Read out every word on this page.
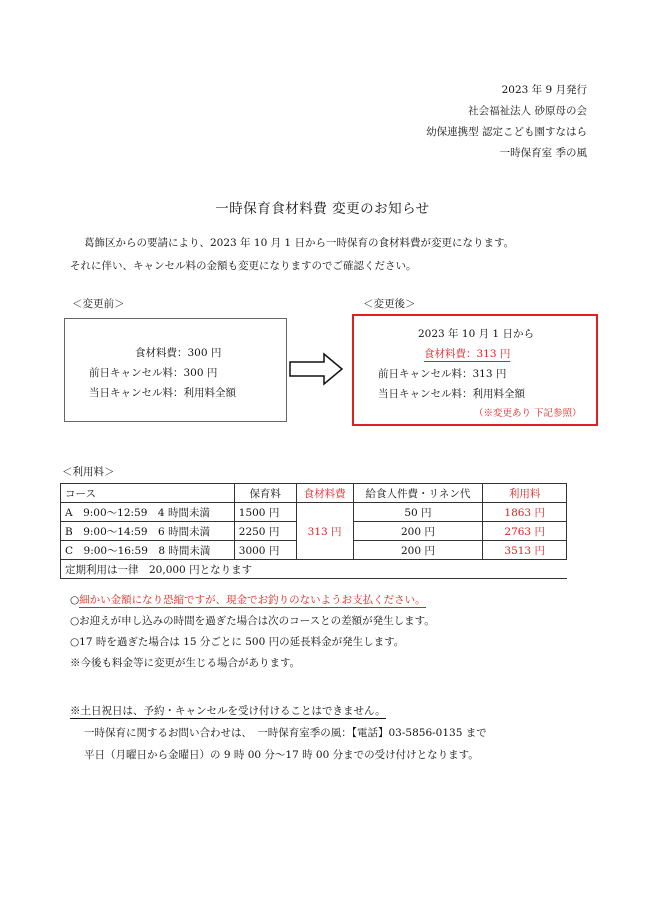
2023 年 9 月発行
社会福祉法人 砂原母の会
幼保連携型 認定こども園すなはら
一時保育室 季の風
一時保育食材料費 変更のお知らせ

葛飾区からの要請により、2023 年 10 月 1 日から一時保育の食材料費が変更になります。

それに伴い、キャンセル料の金額も変更になりますのでご確認ください。

＜変更前＞	＜変更後＞
食材料費：300 円
前日キャンセル料：300 円
当日キャンセル料：利用料全額
2023 年 10 月 1 日から
食材料費：313 円
前日キャンセル料：313 円
当日キャンセル料：利用料全額
（※変更あり 下記参照）
＜利用料＞
コース	保育料	食材料費	給食人件費・リネン代	利用料
A　9:00～12:59　4 時間未満	1500 円	313 円	50 円	1863 円
B　9:00～14:59　6 時間未満	2250 円		200 円	2763 円
C　9:00～16:59　8 時間未満	3000 円		200 円	3513 円
定期利用は一律　20,000 円となります				

○細かい金額になり恐縮ですが、現金でお釣りのないようお支払ください。

○お迎えが申し込みの時間を過ぎた場合は次のコースとの差額が発生します。

○17 時を過ぎた場合は 15 分ごとに 500 円の延長料金が発生します。

※今後も料金等に変更が生じる場合があります。

※土日祝日は、予約・キャンセルを受け付けることはできません。

一時保育に関するお問い合わせは、　一時保育室季の風：【電話】03-5856-0135 まで

平日（月曜日から金曜日）の 9 時 00 分～17 時 00 分までの受け付けとなります。
